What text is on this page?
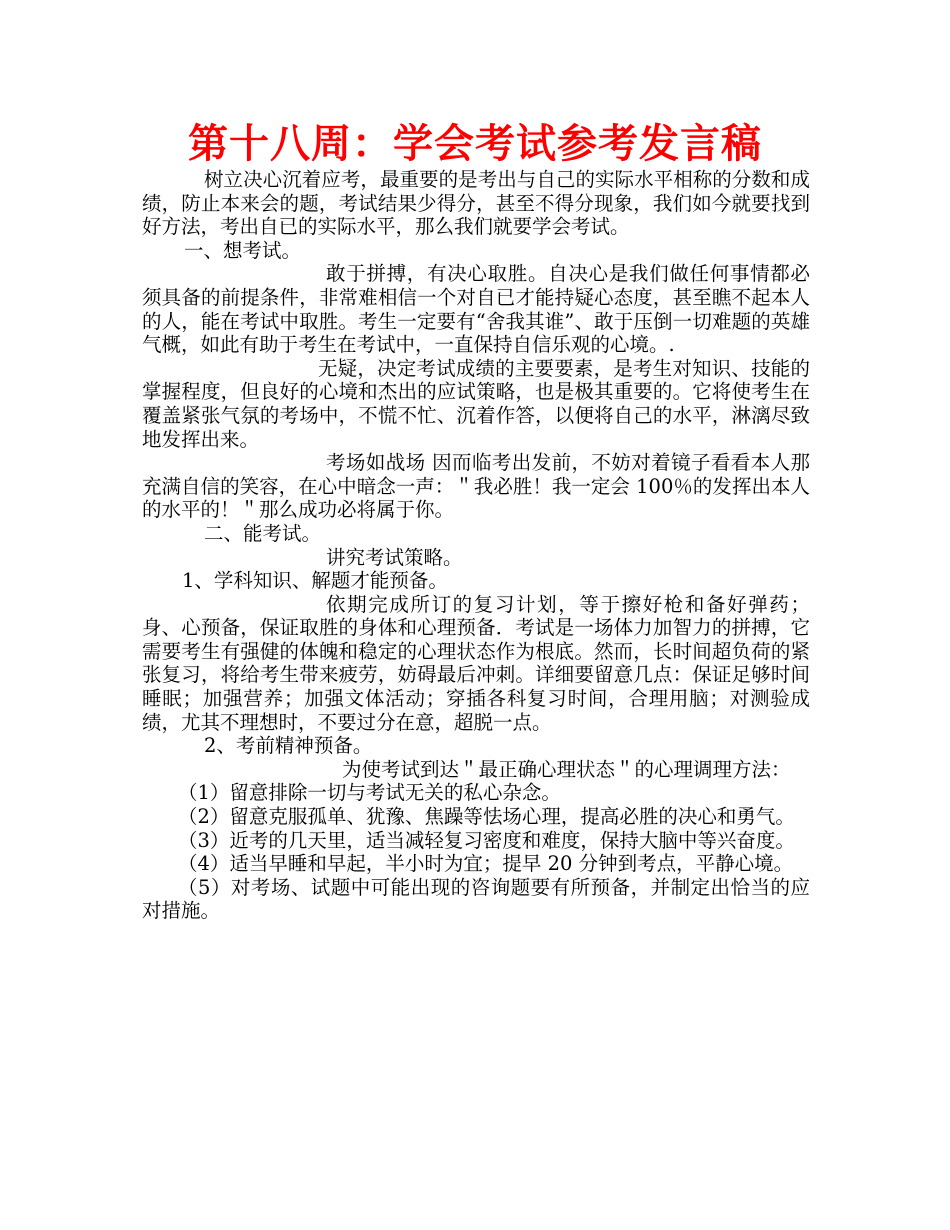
第十八周：学会考试参考发言稿

树立决心沉着应考，最重要的是考出与自己的实际水平相称的分数和成绩，防止本来会的题，考试结果少得分，甚至不得分现象，我们如今就要找到好方法，考出自已的实际水平，那么我们就要学会考试。

一、想考试。

敢于拼搏，有决心取胜。自决心是我们做任何事情都必须具备的前提条件，非常难相信一个对自已才能持疑心态度，甚至瞧不起本人的人，能在考试中取胜。考生一定要有“舍我其谁”、敢于压倒一切难题的英雄气概，如此有助于考生在考试中，一直保持自信乐观的心境。.

无疑，决定考试成绩的主要要素，是考生对知识、技能的掌握程度，但良好的心境和杰出的应试策略，也是极其重要的。它将使考生在覆盖紧张气氛的考场中，不慌不忙、沉着作答，以便将自己的水平，淋漓尽致地发挥出来。

考场如战场 因而临考出发前，不妨对着镜子看看本人那充满自信的笑容，在心中暗念一声：＂我必胜！我一定会 100％的发挥出本人的水平的！＂那么成功必将属于你。

二、能考试。

讲究考试策略。

1、学科知识、解题才能预备。

依期完成所订的复习计划，等于擦好枪和备好弹药；身、心预备，保证取胜的身体和心理预备．考试是一场体力加智力的拼搏，它需要考生有强健的体魄和稳定的心理状态作为根底。然而，长时间超负荷的紧张复习，将给考生带来疲劳，妨碍最后冲刺。详细要留意几点：保证足够时间睡眠；加强营养；加强文体活动；穿插各科复习时间，合理用脑；对测验成绩，尤其不理想时，不要过分在意，超脱一点。

2、考前精神预备。

为使考试到达＂最正确心理状态＂的心理调理方法：

（1）留意排除一切与考试无关的私心杂念。

（2）留意克服孤单、犹豫、焦躁等怯场心理，提高必胜的决心和勇气。

（3）近考的几天里，适当减轻复习密度和难度，保持大脑中等兴奋度。

（4）适当早睡和早起，半小时为宜；提早 20 分钟到考点，平静心境。

（5）对考场、试题中可能出现的咨询题要有所预备，并制定出恰当的应对措施。
